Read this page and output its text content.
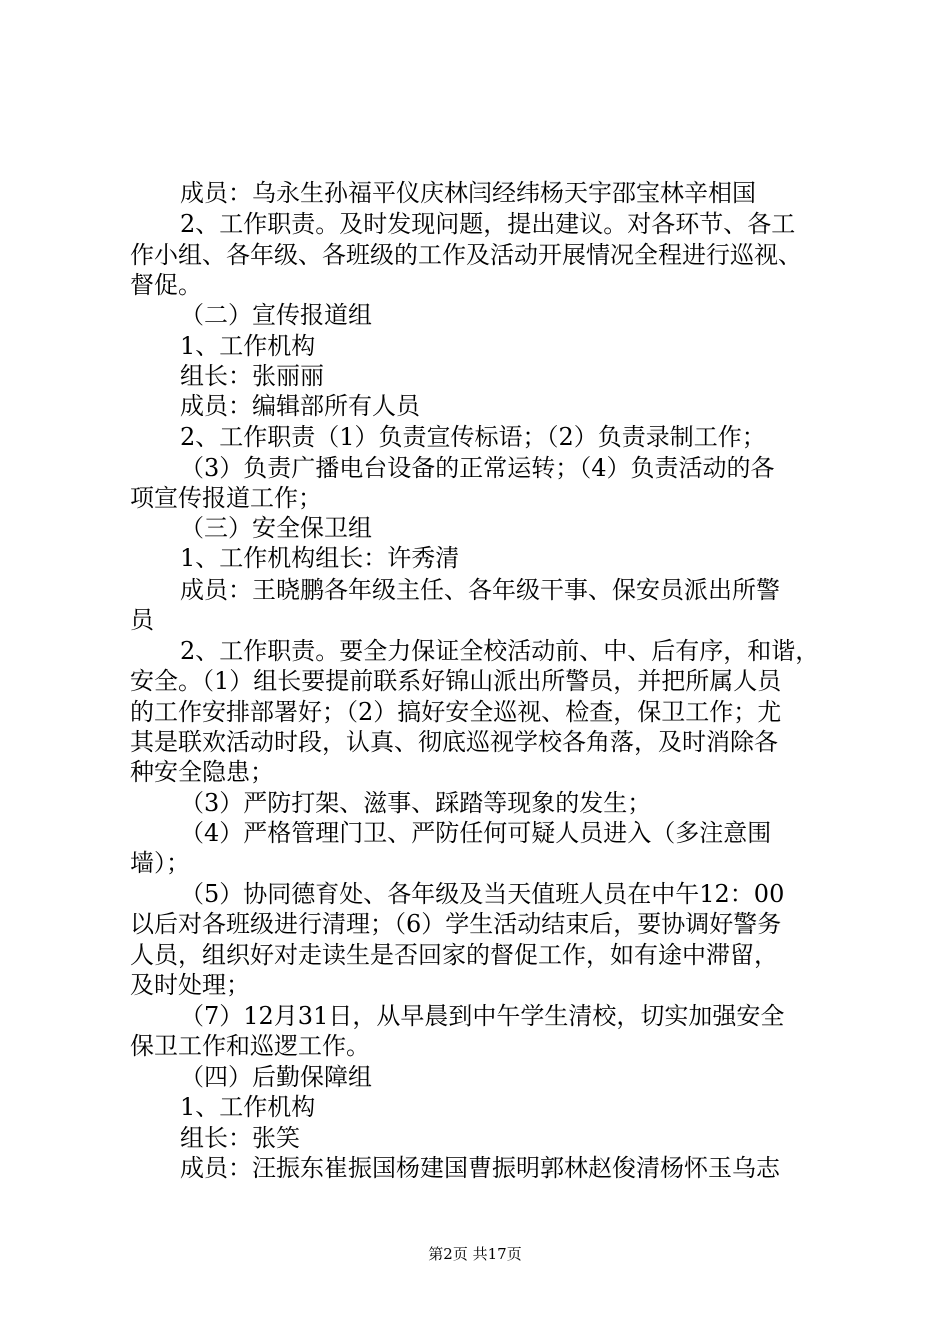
成员：乌永生孙福平仪庆林闫经纬杨天宇邵宝林辛相国
2、工作职责。及时发现问题，提出建议。对各环节、各工
作小组、各年级、各班级的工作及活动开展情况全程进行巡视、
督促。
（二）宣传报道组
1、工作机构
组长：张丽丽
成员：编辑部所有人员
2、工作职责（1）负责宣传标语；（2）负责录制工作；
（3）负责广播电台设备的正常运转；（4）负责活动的各
项宣传报道工作；
（三）安全保卫组
1、工作机构组长：许秀清
成员：王晓鹏各年级主任、各年级干事、保安员派出所警
员
2、工作职责。要全力保证全校活动前、中、后有序，和谐，
安全。（1）组长要提前联系好锦山派出所警员，并把所属人员
的工作安排部署好；（2）搞好安全巡视、检查，保卫工作；尤
其是联欢活动时段，认真、彻底巡视学校各角落，及时消除各
种安全隐患；
（3）严防打架、滋事、踩踏等现象的发生；
（4）严格管理门卫、严防任何可疑人员进入（多注意围
墙）；
（5）协同德育处、各年级及当天值班人员在中午12：00
以后对各班级进行清理；（6）学生活动结束后，要协调好警务
人员，组织好对走读生是否回家的督促工作，如有途中滞留，
及时处理；
（7）12月31日，从早晨到中午学生清校，切实加强安全
保卫工作和巡逻工作。
（四）后勤保障组
1、工作机构
组长：张笑
成员：汪振东崔振国杨建国曹振明郭林赵俊清杨怀玉乌志
第2页 共17页
